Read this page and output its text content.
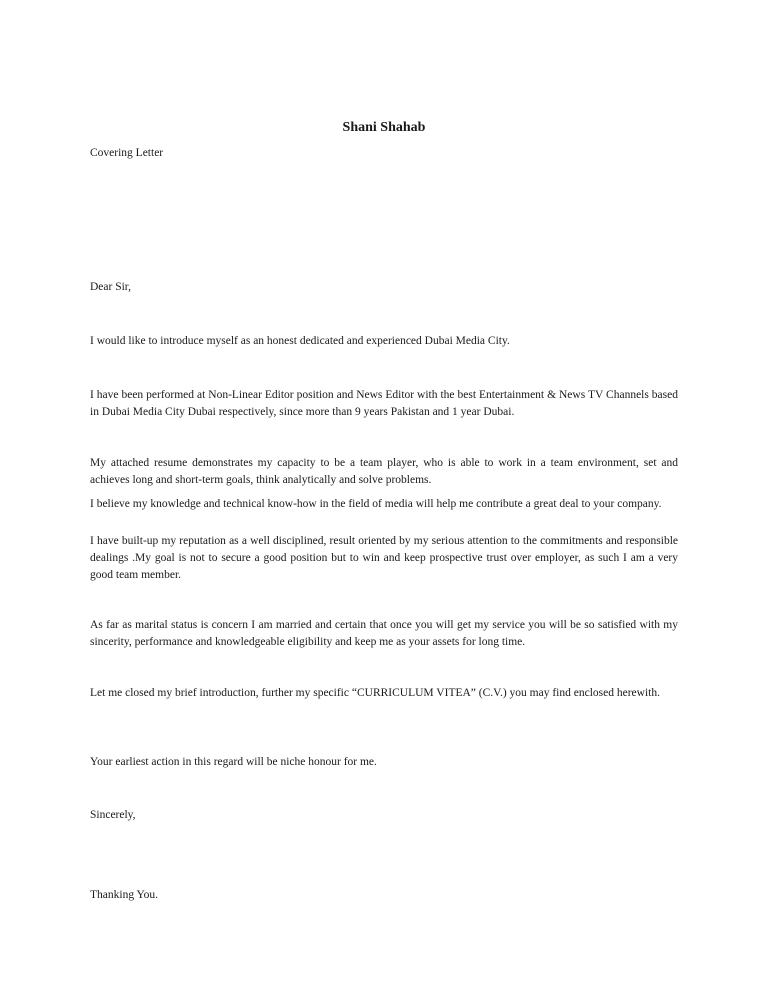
Shani Shahab
Covering Letter
Dear Sir,
I would like to introduce myself as an honest dedicated and experienced Dubai Media City.
I have been performed at Non-Linear Editor position and News Editor with the best Entertainment & News TV Channels based in Dubai Media City Dubai respectively, since more than 9 years Pakistan and 1 year Dubai.
My attached resume demonstrates my capacity to be a team player, who is able to work in a team environment, set and achieves long and short-term goals, think analytically and solve problems.
I believe my knowledge and technical know-how in the field of media will help me contribute a great deal to your company.
I have built-up my reputation as a well disciplined, result oriented by my serious attention to the commitments and responsible dealings .My goal is not to secure a good position but to win and keep prospective trust over employer, as such I am a very good team member.
As far as marital status is concern I am married and certain that once you will get my service you will be so satisfied with my sincerity, performance and knowledgeable eligibility and keep me as your assets for long time.
Let me closed my brief introduction, further my specific “CURRICULUM VITEA” (C.V.) you may find enclosed herewith.
Your earliest action in this regard will be niche honour for me.
Sincerely,
Thanking You.
